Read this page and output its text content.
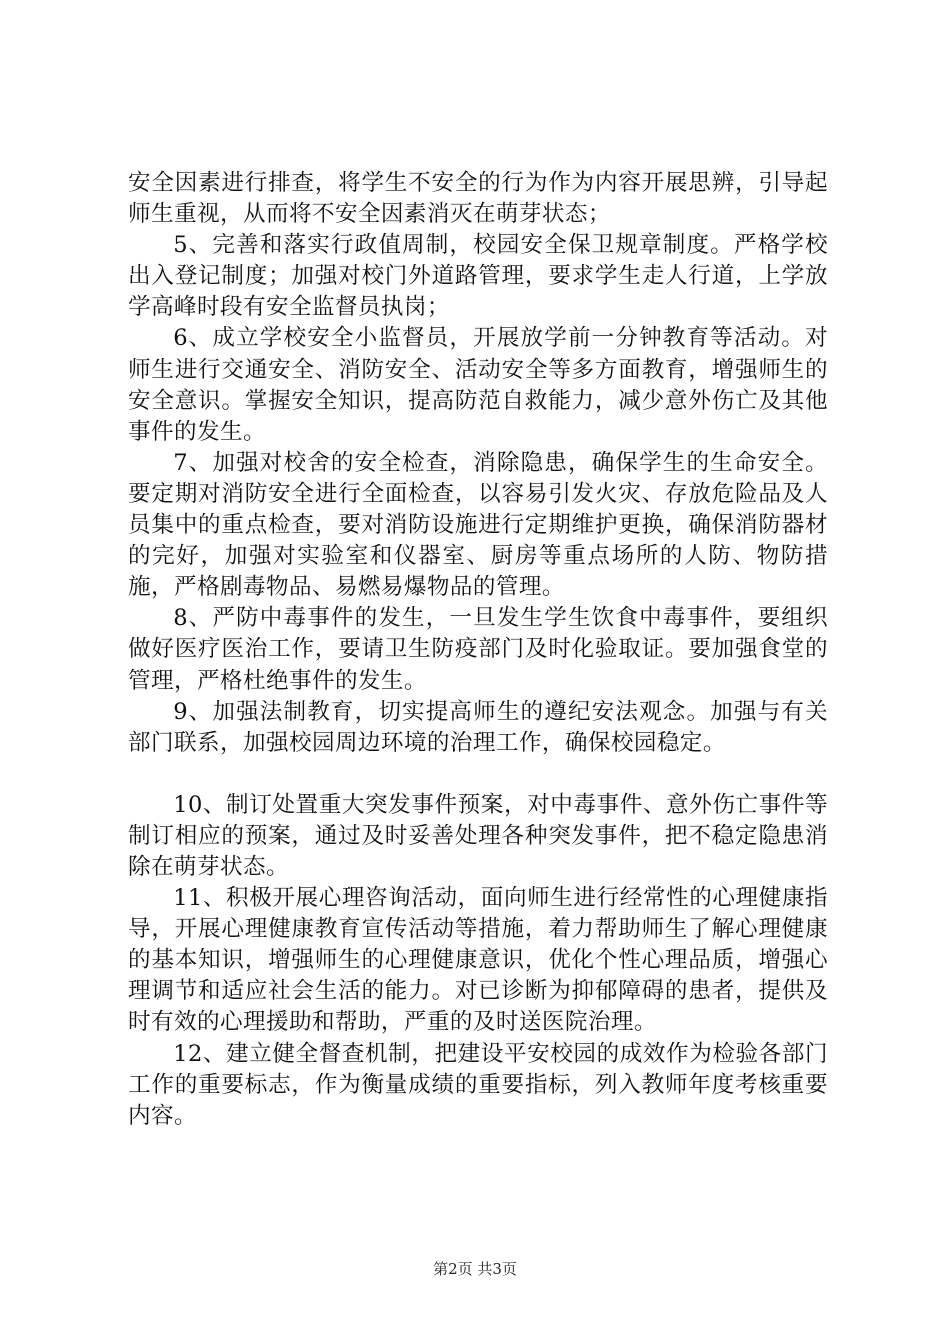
安全因素进行排查，将学生不安全的行为作为内容开展思辨，引导起师生重视，从而将不安全因素消灭在萌芽状态；

5、完善和落实行政值周制，校园安全保卫规章制度。严格学校出入登记制度；加强对校门外道路管理，要求学生走人行道，上学放学高峰时段有安全监督员执岗；

6、成立学校安全小监督员，开展放学前一分钟教育等活动。对师生进行交通安全、消防安全、活动安全等多方面教育，增强师生的安全意识。掌握安全知识，提高防范自救能力，减少意外伤亡及其他事件的发生。

7、加强对校舍的安全检查，消除隐患，确保学生的生命安全。要定期对消防安全进行全面检查，以容易引发火灾、存放危险品及人员集中的重点检查，要对消防设施进行定期维护更换，确保消防器材的完好，加强对实验室和仪器室、厨房等重点场所的人防、物防措施，严格剧毒物品、易燃易爆物品的管理。

8、严防中毒事件的发生，一旦发生学生饮食中毒事件，要组织做好医疗医治工作，要请卫生防疫部门及时化验取证。要加强食堂的管理，严格杜绝事件的发生。

9、加强法制教育，切实提高师生的遵纪安法观念。加强与有关部门联系，加强校园周边环境的治理工作，确保校园稳定。

10、制订处置重大突发事件预案，对中毒事件、意外伤亡事件等制订相应的预案，通过及时妥善处理各种突发事件，把不稳定隐患消除在萌芽状态。

11、积极开展心理咨询活动，面向师生进行经常性的心理健康指导，开展心理健康教育宣传活动等措施，着力帮助师生了解心理健康的基本知识，增强师生的心理健康意识，优化个性心理品质，增强心理调节和适应社会生活的能力。对已诊断为抑郁障碍的患者，提供及时有效的心理援助和帮助，严重的及时送医院治理。

12、建立健全督查机制，把建设平安校园的成效作为检验各部门工作的重要标志，作为衡量成绩的重要指标，列入教师年度考核重要内容。

第2页 共3页
